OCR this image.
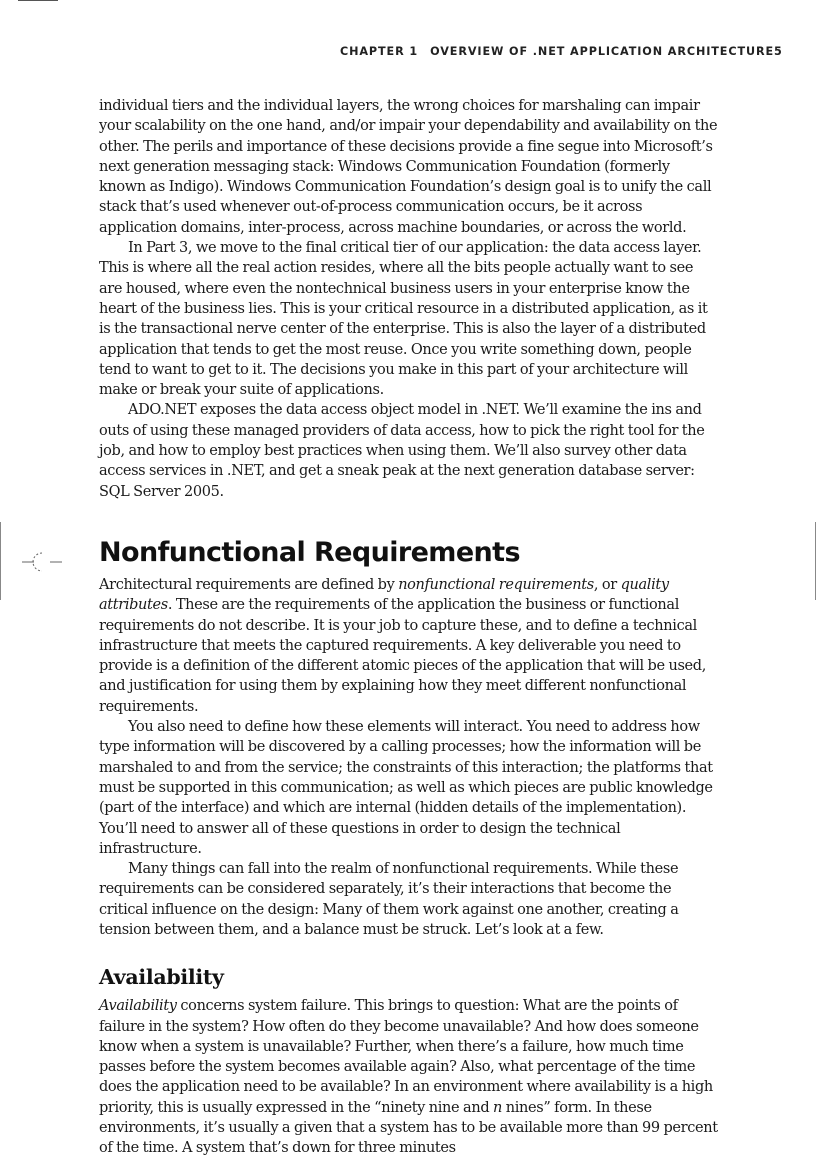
CHAPTER 1 OVERVIEW OF .NET APPLICATION ARCHITECTURE 5

individual tiers and the individual layers, the wrong choices for marshaling can impair your scalability on the one hand, and/or impair your dependability and availability on the other. The perils and importance of these decisions provide a fine segue into Microsoft’s next generation messaging stack: Windows Communication Foundation (formerly known as Indigo). Windows Communication Foundation’s design goal is to unify the call stack that’s used whenever out-of-process communication occurs, be it across application domains, inter-process, across machine boundaries, or across the world.

In Part 3, we move to the final critical tier of our application: the data access layer. This is where all the real action resides, where all the bits people actually want to see are housed, where even the nontechnical business users in your enterprise know the heart of the business lies. This is your critical resource in a distributed application, as it is the transactional nerve center of the enterprise. This is also the layer of a distributed application that tends to get the most reuse. Once you write something down, people tend to want to get to it. The decisions you make in this part of your architecture will make or break your suite of applications.

ADO.NET exposes the data access object model in .NET. We’ll examine the ins and outs of using these managed providers of data access, how to pick the right tool for the job, and how to employ best practices when using them. We’ll also survey other data access services in .NET, and get a sneak peak at the next generation database server: SQL Server 2005.

Nonfunctional Requirements

Architectural requirements are defined by nonfunctional requirements, or quality attributes. These are the requirements of the application the business or functional requirements do not describe. It is your job to capture these, and to define a technical infrastructure that meets the captured requirements. A key deliverable you need to provide is a definition of the different atomic pieces of the application that will be used, and justification for using them by explaining how they meet different nonfunctional requirements.

You also need to define how these elements will interact. You need to address how type information will be discovered by a calling processes; how the information will be marshaled to and from the service; the constraints of this interaction; the platforms that must be supported in this communication; as well as which pieces are public knowledge (part of the interface) and which are internal (hidden details of the implementation). You’ll need to answer all of these questions in order to design the technical infrastructure.

Many things can fall into the realm of nonfunctional requirements. While these requirements can be considered separately, it’s their interactions that become the critical influence on the design: Many of them work against one another, creating a tension between them, and a balance must be struck. Let’s look at a few.

Availability

Availability concerns system failure. This brings to question: What are the points of failure in the system? How often do they become unavailable? And how does someone know when a system is unavailable? Further, when there’s a failure, how much time passes before the system becomes available again? Also, what percentage of the time does the application need to be available? In an environment where availability is a high priority, this is usually expressed in the “ninety nine and n nines” form. In these environments, it’s usually a given that a system has to be available more than 99 percent of the time. A system that’s down for three minutes
